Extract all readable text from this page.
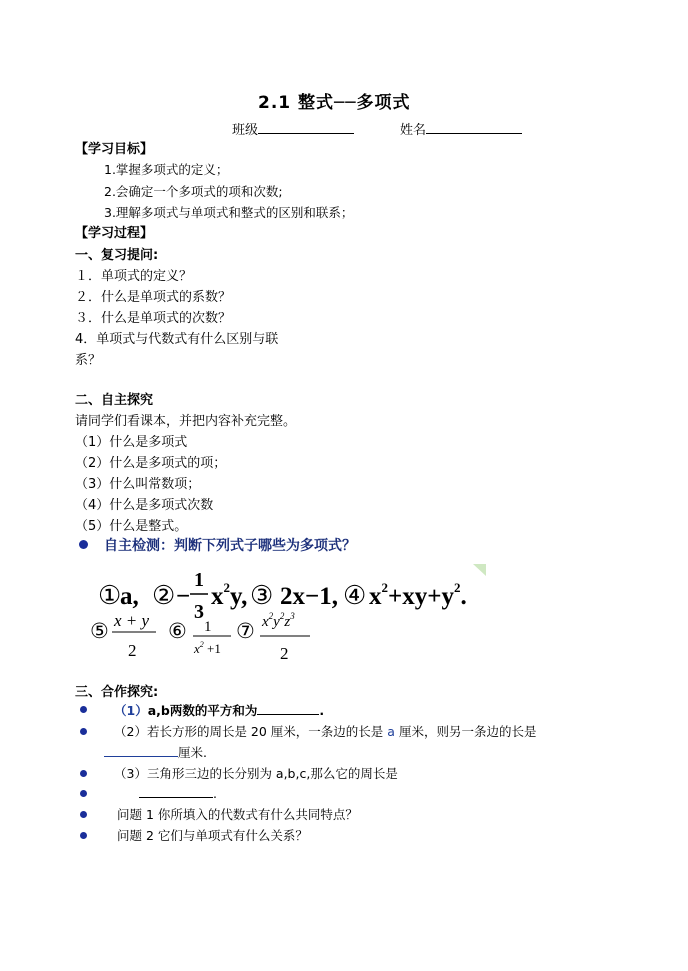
2.1 整式──多项式
班级	姓名
【学习目标】
1.掌握多项式的定义；
2.会确定一个多项式的项和次数;
3.理解多项式与单项式和整式的区别和联系；
【学习过程】
一、复习提问:
１．单项式的定义？
２．什么是单项式的系数？
３．什么是单项式的次数？
4．单项式与代数式有什么区别与联
系？
二、自主探究
请同学们看课本，并把内容补充完整。
（1）什么是多项式
（2）什么是多项式的项；
（3）什么叫常数项；
（4）什么是多项式次数
（5）什么是整式。
自主检测：判断下列式子哪些为多项式？
①
a, ② −
1
3
$x^2y$, ③ 2x−1, ④ $x^2+xy+y^2$.
⑤ x + y
2
⑥ 1
$x^2 +1$
⑦ $x^2y^2z^3$
2
三、合作探究:
（1）a,b两数的平方和为	.
（2）若长方形的周长是 20 厘米，一条边的长是 a 厘米，则另一条边的长是
厘米.
（3）三角形三边的长分别为 a,b,c,那么它的周长是
.
问题 1 你所填入的代数式有什么共同特点？
问题 2 它们与单项式有什么关系？
